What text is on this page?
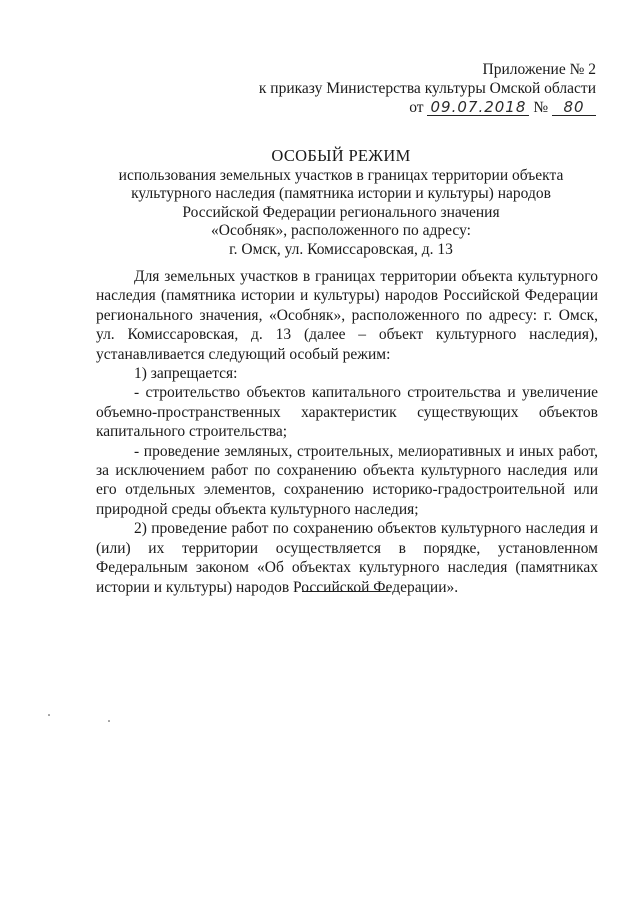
Приложение № 2
к приказу Министерства культуры Омской области
от 09.07.2018 № 80
ОСОБЫЙ РЕЖИМ
использования земельных участков в границах территории объекта
культурного наследия (памятника истории и культуры) народов
Российской Федерации регионального значения
«Особняк», расположенного по адресу:
г. Омск, ул. Комиссаровская, д. 13

Для земельных участков в границах территории объекта культурного наследия (памятника истории и культуры) народов Российской Федерации регионального значения, «Особняк», расположенного по адресу: г. Омск, ул. Комиссаровская, д. 13 (далее – объект культурного наследия), устанавливается следующий особый режим:

1) запрещается:

- строительство объектов капитального строительства и увеличение объемно-пространственных характеристик существующих объектов капитального строительства;

- проведение земляных, строительных, мелиоративных и иных работ, за исключением работ по сохранению объекта культурного наследия или его отдельных элементов, сохранению историко-градостроительной или природной среды объекта культурного наследия;

2) проведение работ по сохранению объектов культурного наследия и (или) их территории осуществляется в порядке, установленном Федеральным законом «Об объектах культурного наследия (памятниках истории и культуры) народов Российской Федерации».
